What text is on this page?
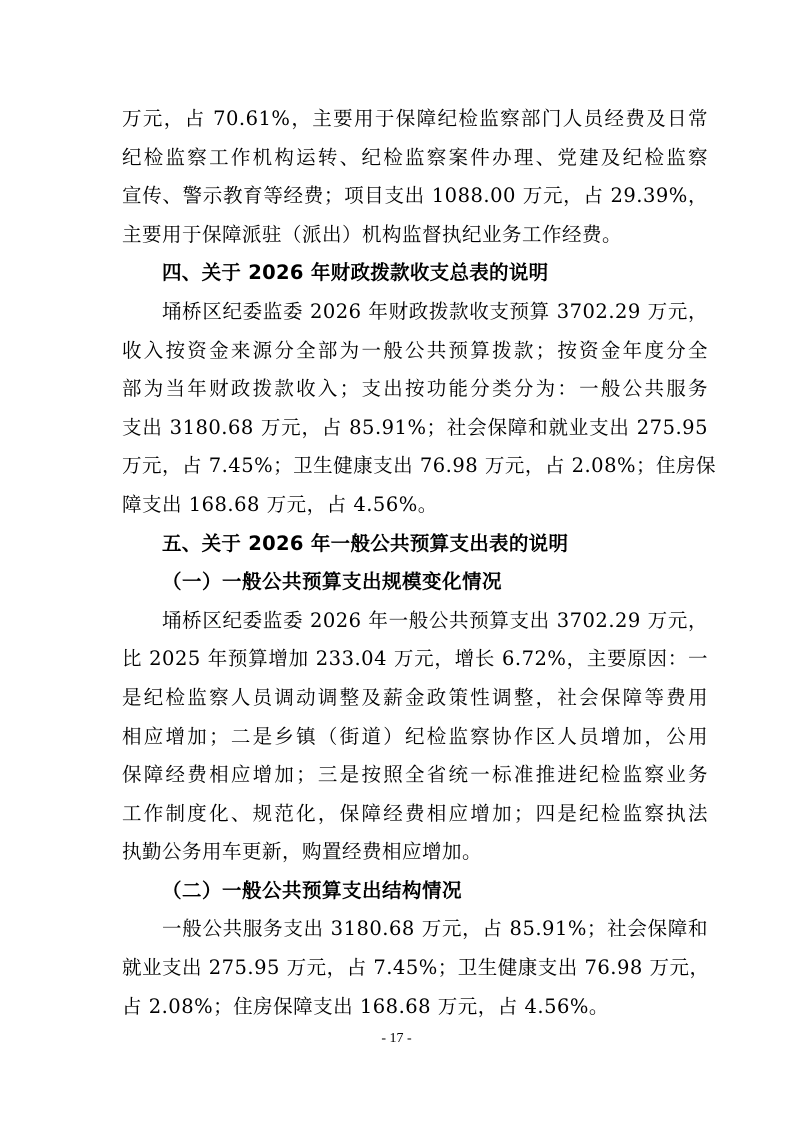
万元，占 70.61%，主要用于保障纪检监察部门人员经费及日常
纪检监察工作机构运转、纪检监察案件办理、党建及纪检监察
宣传、警示教育等经费；项目支出 1088.00 万元，占 29.39%，
主要用于保障派驻（派出）机构监督执纪业务工作经费。
四、关于 2026 年财政拨款收支总表的说明
埇桥区纪委监委 2026 年财政拨款收支预算 3702.29 万元，
收入按资金来源分全部为一般公共预算拨款；按资金年度分全
部为当年财政拨款收入；支出按功能分类分为：一般公共服务
支出 3180.68 万元，占 85.91%；社会保障和就业支出 275.95
万元，占 7.45%；卫生健康支出 76.98 万元，占 2.08%；住房保
障支出 168.68 万元，占 4.56%。
五、关于 2026 年一般公共预算支出表的说明
（一）一般公共预算支出规模变化情况
埇桥区纪委监委 2026 年一般公共预算支出 3702.29 万元，
比 2025 年预算增加 233.04 万元，增长 6.72%，主要原因：一
是纪检监察人员调动调整及薪金政策性调整，社会保障等费用
相应增加；二是乡镇（街道）纪检监察协作区人员增加，公用
保障经费相应增加；三是按照全省统一标准推进纪检监察业务
工作制度化、规范化，保障经费相应增加；四是纪检监察执法
执勤公务用车更新，购置经费相应增加。
（二）一般公共预算支出结构情况
一般公共服务支出 3180.68 万元，占 85.91%；社会保障和
就业支出 275.95 万元，占 7.45%；卫生健康支出 76.98 万元，
占 2.08%；住房保障支出 168.68 万元，占 4.56%。
- 17 -
